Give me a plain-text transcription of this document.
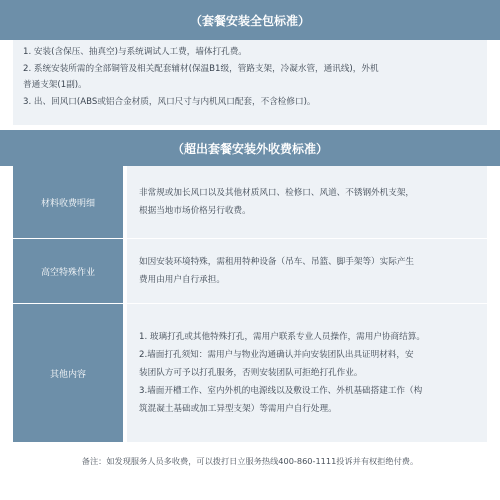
（套餐安装全包标准）
1. 安装(含保压、抽真空)与系统调试人工费，墙体打孔费。
2. 系统安装所需的全部铜管及相关配套辅材(保温B1级，管路支架，冷凝水管，通讯线)，外机
普通支架(1副)。
3. 出、回风口(ABS或铝合金材质，风口尺寸与内机风口配套，不含检修口)。
（超出套餐安装外收费标准）
材料收费明细
非常规或加长风口以及其他材质风口、检修口、风道、不锈钢外机支架，
根据当地市场价格另行收费。
高空特殊作业
如因安装环境特殊，需租用特种设备（吊车、吊篮、脚手架等）实际产生
费用由用户自行承担。
其他内容
1. 玻璃打孔或其他特殊打孔，需用户联系专业人员操作，需用户协商结算。
2.墙面打孔须知：需用户与物业沟通确认并向安装团队出具证明材料，安
装团队方可予以打孔服务，否则安装团队可拒绝打孔作业。
3.墙面开槽工作、室内外机的电源线以及敷设工作、外机基础搭建工作（构
筑混凝土基础或加工异型支架）等需用户自行处理。
备注：如发现服务人员多收费，可以拨打日立服务热线400-860-1111投诉并有权拒绝付费。
